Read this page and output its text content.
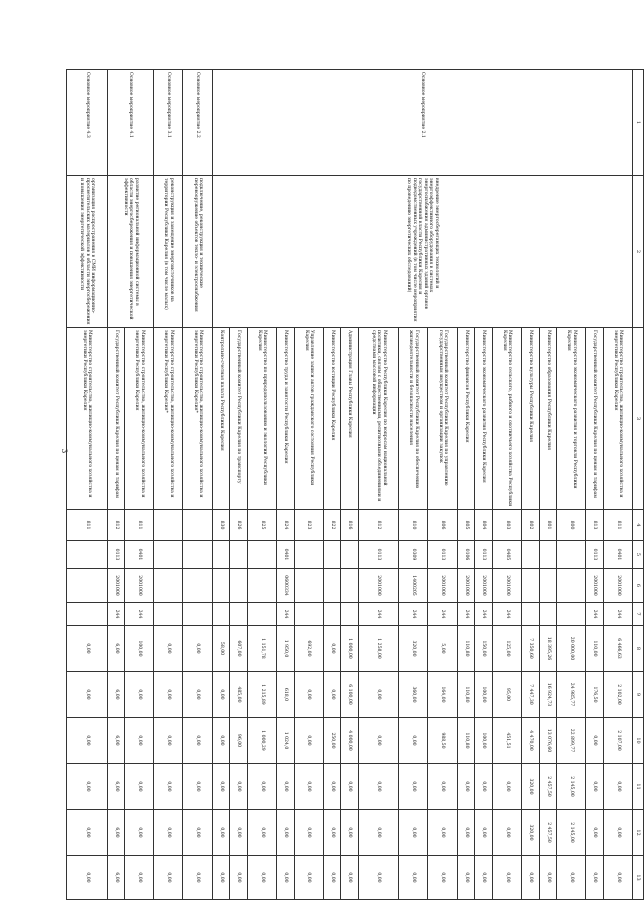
3
1	2	3	4	5	6	7	8	9	10	11	12	13
Основное мероприятие 2.1	внедрение энергосберегающих технологий и энергоэффективного оборудования в системах энергоснабжения административных зданий органов государственной власти Республики Карелия и подведомственных учреждений (в том числе мероприятия по проведению энергетических обследований)	Министерство строительства, жилищно-коммунального хозяйства и энергетики Республики Карелия	811	0401	2001000	244	6 466,63	2 102,00	2 107,00	0,00	0,00	0,00
		Государственный комитет Республики Карелия по ценам и тарифам	813	0113	2001000	244	110,00	176,50	0,00	0,00	0,00	0,00
		Министерство экономического развития и торговли Республики Карелия	800				20 000,00	24 985,77	22 899,77	2 145,00	2 145,00	0,00
		Министерство образования Республики Карелия	801				18 395,26	16 924,73	13 076,60	2 457,50	2 457,50	0,00
		Министерство культуры Республики Карелия	802				7 350,60	7 447,30	4 470,00	320,00	320,00	0,00
		Министерство сельского, рыбного и охотничьего хозяйства Республики Карелия	803	0405	2001000	244	125,00	95,00	451,51	0,00	0,00	0,00
		Министерство экономического развития Республики Карелия	804	0113	2001000	244	150,00	100,00	100,00	0,00	0,00	0,00
		Министерство финансов Республики Карелия	805	0106	2001000	244	110,80	110,80	110,80	0,00	0,00	0,00
		Государственный комитет Республики Карелия по управлению государственным имуществом и организации закупок	806	0113	2001000	244	5,00	164,00	988,50	0,00	0,00	0,00
		Государственный комитет Республики Карелия по обеспечению жизнедеятельности и безопасности населения	810	0309	1400205	244	320,00	360,00	0,00	0,00	0,00	0,00
		Министерство Республики Карелия по вопросам национальной политики, связям с общественными, религиозными объединениями и средствами массовой информации	812	0113	2001000	244	1 258,00	0,00	0,00	0,00	0,00	0,00
		Администрация Главы Республики Карелия	816				1 000,00	6 100,00	4 000,00	0,00	0,00	0,00
		Министерство юстиции Республики Карелия	822				0,00	0,00	250,00	0,00	0,00	0,00
		Управление записи актов гражданского состояния Республики Карелия	823				692,00	0,00	0,00	0,00	0,00	0,00
		Министерство труда и занятости Республики Карелия	824	0401	0600334	244	1 950,0	618,0	1 024,0	0,00	0,00	0,00
		Министерство по природопользованию и экологии Республики Карелия	825				1 151,78	1 215,89	1 000,29	0,00	0,00	0,00
		Государственный комитет Республики Карелия по транспорту	826				607,00	485,00	96,00	0,00	0,00	0,00
		Контрольно-счетная палата Республики Карелия	830				58,00	0,00	0,00	0,00	0,00	0,00
Основное мероприятие 2.2	подключение, реконструкция и технические перевооружение объектов тепло- и электроснабжения	Министерство строительства, жилищно-коммунального хозяйства и энергетики Республики Карелия*					0,00	0,00	0,00	0,00	0,00	0,00
Основное мероприятие 3.1	реконструкция и замещение энергоисточников на территории Республики Карелия (в том числе малых)	Министерство строительства, жилищно-коммунального хозяйства и энергетики Республики Карелия*					0,00	0,00	0,00	0,00	0,00	0,00
Основное мероприятие 4.1	развитие региональной информационной системы в области энергосбережения и повышения энергетической эффективности	Министерство строительства, жилищно-коммунального хозяйства и энергетики Республики Карелия	811	0401	2001000	244	100,00	0,00	0,00	0,00	0,00	0,00
		Государственный комитет Республики Карелия по ценам и тарифам	812	0113	2001000	244	6,00	6,00	6,00	6,00	6,00	6,00
Основное мероприятие 4.3	организация распространения в СМИ информационно-просветительских материалов в области энергосбережения и повышения энергетической эффективности	Министерство строительства, жилищно-коммунального хозяйства и энергетики Республики Карелия	811				0,00	0,00	0,00	0,00	0,00	0,00
